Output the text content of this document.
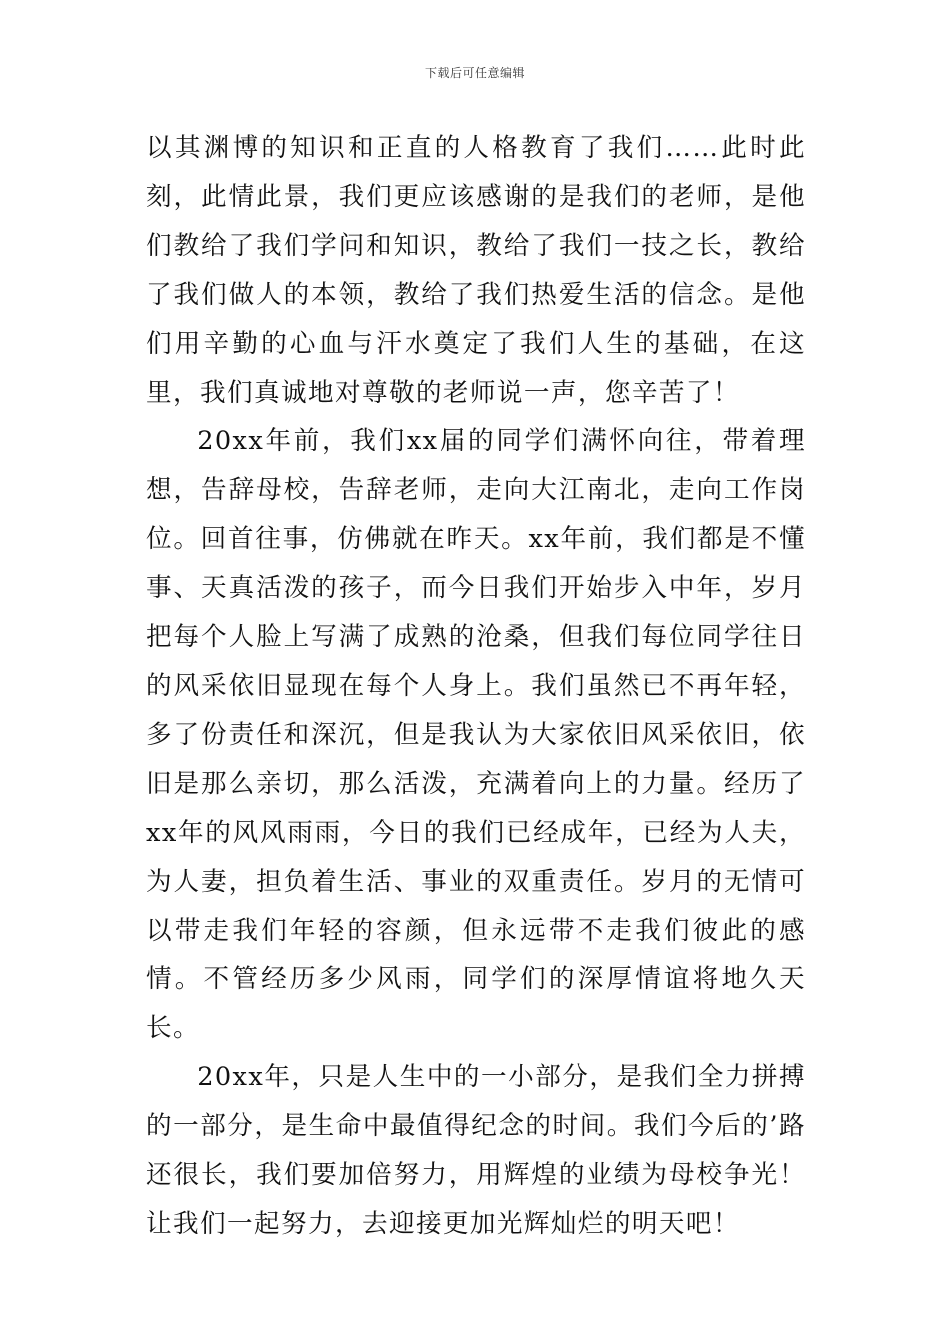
下载后可任意编辑

以其渊博的知识和正直的人格教育了我们……此时此刻，此情此景，我们更应该感谢的是我们的老师，是他们教给了我们学问和知识，教给了我们一技之长，教给了我们做人的本领，教给了我们热爱生活的信念。是他们用辛勤的心血与汗水奠定了我们人生的基础，在这里，我们真诚地对尊敬的老师说一声，您辛苦了！

20xx年前，我们xx届的同学们满怀向往，带着理想，告辞母校，告辞老师，走向大江南北，走向工作岗位。回首往事，仿佛就在昨天。xx年前，我们都是不懂事、天真活泼的孩子，而今日我们开始步入中年，岁月把每个人脸上写满了成熟的沧桑，但我们每位同学往日的风采依旧显现在每个人身上。我们虽然已不再年轻，多了份责任和深沉，但是我认为大家依旧风采依旧，依旧是那么亲切，那么活泼，充满着向上的力量。经历了xx年的风风雨雨，今日的我们已经成年，已经为人夫，为人妻，担负着生活、事业的双重责任。岁月的无情可以带走我们年轻的容颜，但永远带不走我们彼此的感情。不管经历多少风雨，同学们的深厚情谊将地久天长。

20xx年，只是人生中的一小部分，是我们全力拼搏的一部分，是生命中最值得纪念的时间。我们今后的’路还很长，我们要加倍努力，用辉煌的业绩为母校争光！让我们一起努力，去迎接更加光辉灿烂的明天吧！
